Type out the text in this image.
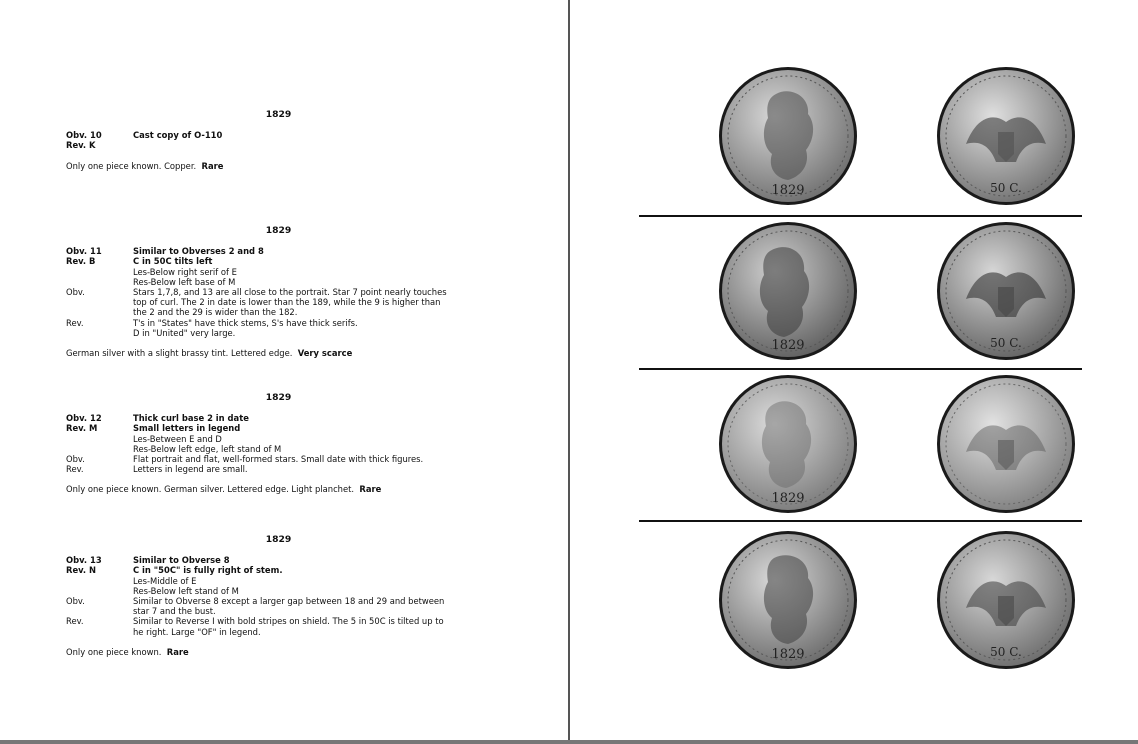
1829
Obv. 10	Cast copy of O-110
Rev. K
Only one piece known. Copper. Rare
1829
Obv. 11	Similar to Obverses 2 and 8
Rev. B	C in 50C tilts left
Les-Below right serif of E
Res-Below left base of M
Obv.	Stars 1,7,8, and 13 are all close to the portrait. Star 7 point nearly touches
top of curl. The 2 in date is lower than the 189, while the 9 is higher than
the 2 and the 29 is wider than the 182.
Rev.	T's in "States" have thick stems, S's have thick serifs.
D in "United" very large.
German silver with a slight brassy tint. Lettered edge. Very scarce
1829
Obv. 12	Thick curl base 2 in date
Rev. M	Small letters in legend
Les-Between E and D
Res-Below left edge, left stand of M
Obv.	Flat portrait and flat, well-formed stars. Small date with thick figures.
Rev.	Letters in legend are small.
Only one piece known. German silver. Lettered edge. Light planchet. Rare
1829
Obv. 13	Similar to Obverse 8
Rev. N	C in "50C" is fully right of stem.
Les-Middle of E
Res-Below left stand of M
Obv.	Similar to Obverse 8 except a larger gap between 18 and 29 and between
star 7 and the bust.
Rev.	Similar to Reverse I with bold stripes on shield. The 5 in 50C is tilted up to
he right. Large "OF" in legend.
Only one piece known. Rare
1829	50 C.
1829	50 C.
1829
1829	50 C.
